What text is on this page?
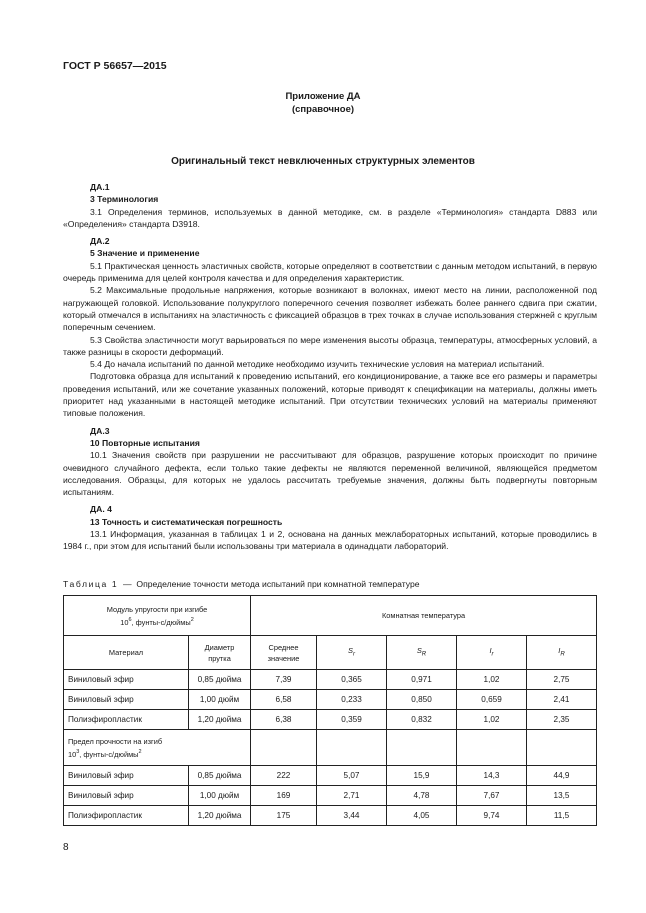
ГОСТ Р 56657—2015
Приложение ДА
(справочное)
Оригинальный текст невключенных структурных элементов

ДА.1

3 Терминология

3.1 Определения терминов, используемых в данной методике, см. в разделе «Терминология» стандарта D883 или «Определения» стандарта D3918.

ДА.2

5 Значение и применение

5.1 Практическая ценность эластичных свойств, которые определяют в соответствии с данным методом испытаний, в первую очередь применима для целей контроля качества и для определения характеристик.

5.2 Максимальные продольные напряжения, которые возникают в волокнах, имеют место на линии, расположенной под нагружающей головкой. Использование полукруглого поперечного сечения позволяет избежать более раннего сдвига при сжатии, который отмечался в испытаниях на эластичность с фиксацией образцов в трех точках в случае использования стержней с круглым поперечным сечением.

5.3 Свойства эластичности могут варьироваться по мере изменения высоты образца, температуры, атмосферных условий, а также разницы в скорости деформаций.

5.4 До начала испытаний по данной методике необходимо изучить технические условия на материал испытаний.

Подготовка образца для испытаний к проведению испытаний, его кондиционирование, а также все его размеры и параметры проведения испытаний, или же сочетание указанных положений, которые приводят к спецификации на материалы, должны иметь приоритет над указанными в настоящей методике испытаний. При отсутствии технических условий на материалы применяют типовые положения.

ДА.3

10 Повторные испытания

10.1 Значения свойств при разрушении не рассчитывают для образцов, разрушение которых происходит по причине очевидного случайного дефекта, если только такие дефекты не являются переменной величиной, являющейся предметом исследования. Образцы, для которых не удалось рассчитать требуемые значения, должны быть подвергнуты повторным испытаниям.

ДА. 4

13 Точность и систематическая погрешность

13.1 Информация, указанная в таблицах 1 и 2, основана на данных межлабораторных испытаний, которые проводились в 1984 г., при этом для испытаний были использованы три материала в одинадцати лабораторий.

Таблица 1 — Определение точности метода испытаний при комнатной температуре
Модуль упругости при изгибе
$10^6$, фунты-с/дюймы$^2$		Комнатная температура				
Материал	Диаметр прутка	Среднее значение	$S_r$	$S_R$	$I_r$	$I_R$
Виниловый эфир	0,85 дюйма	7,39	0,365	0,971	1,02	2,75
Виниловый эфир	1,00 дюйм	6,58	0,233	0,850	0,659	2,41
Полиэфиропластик	1,20 дюйма	6,38	0,359	0,832	1,02	2,35

Предел прочности на изгиб
$10^3$, фунты-с/дюймы$^2$

Виниловый эфир	0,85 дюйма	222	5,07	15,9	14,3	44,9
Виниловый эфир	1,00 дюйм	169	2,71	4,78	7,67	13,5
Полиэфиропластик	1,20 дюйма	175	3,44	4,05	9,74	11,5
8
